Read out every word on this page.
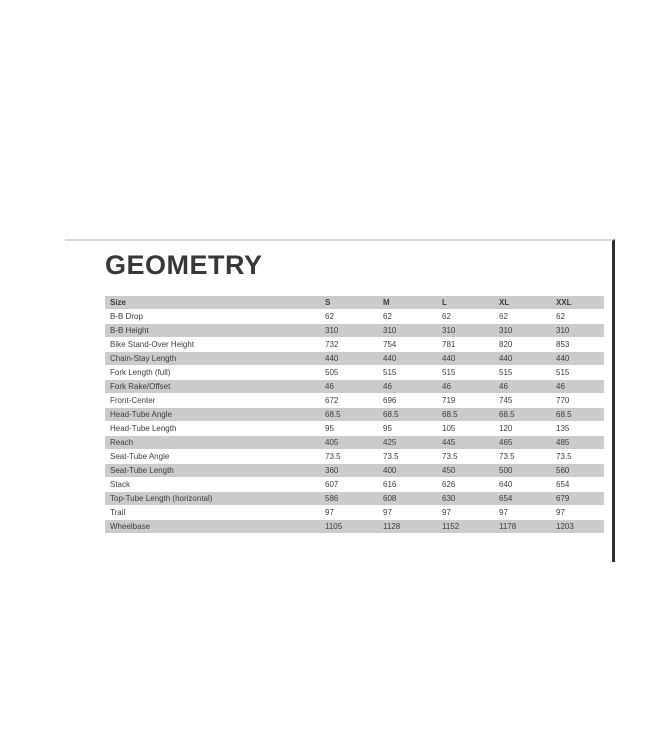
GEOMETRY
Size	S	M	L	XL	XXL
B-B Drop	62	62	62	62	62
B-B Height	310	310	310	310	310
Bike Stand-Over Height	732	754	781	820	853
Chain-Stay Length	440	440	440	440	440
Fork Length (full)	505	515	515	515	515
Fork Rake/Offset	46	46	46	46	46
Front-Center	672	696	719	745	770
Head-Tube Angle	68.5	68.5	68.5	68.5	68.5
Head-Tube Length	95	95	105	120	135
Reach	405	425	445	465	485
Seat-Tube Angle	73.5	73.5	73.5	73.5	73.5
Seat-Tube Length	360	400	450	500	560
Stack	607	616	626	640	654
Top-Tube Length (horizontal)	586	608	630	654	679
Trail	97	97	97	97	97
Wheelbase	1105	1128	1152	1178	1203
